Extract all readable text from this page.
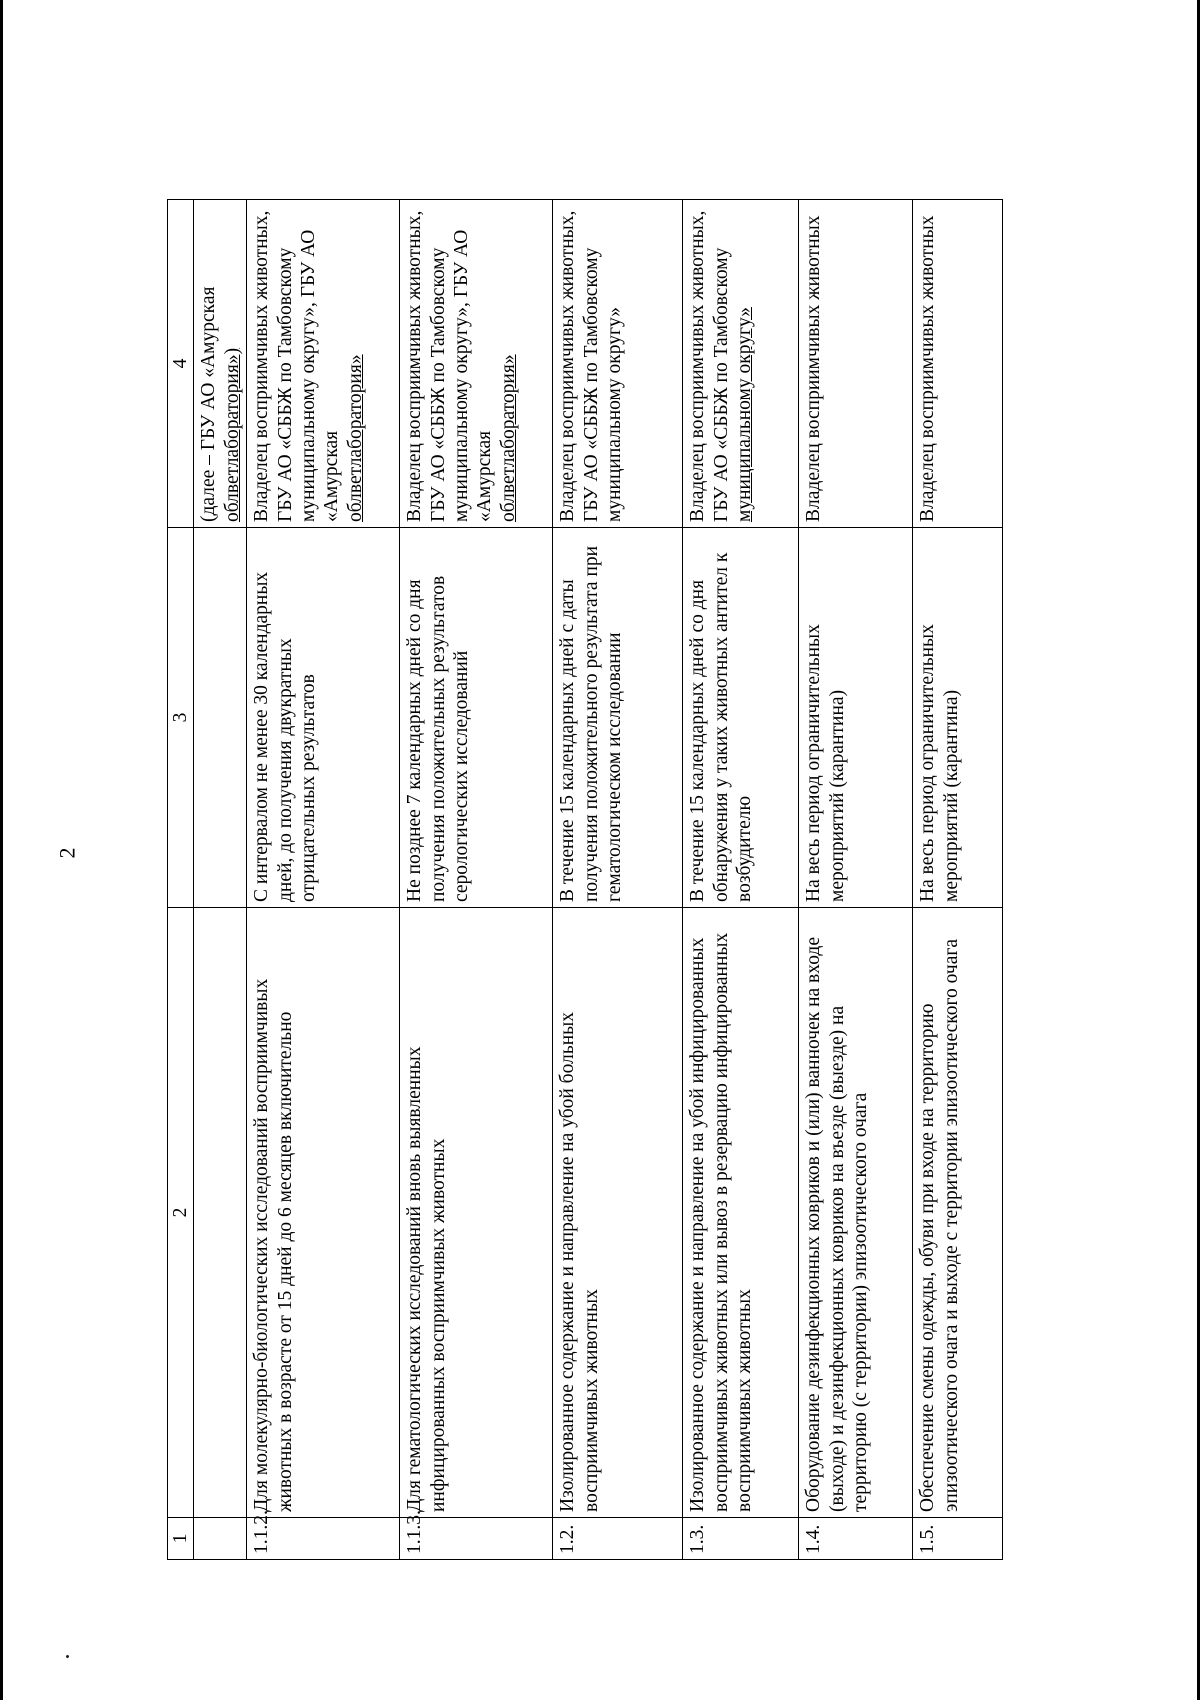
2
1	2	3	4

			(далее – ГБУ АО «Амурская облветлаборатория»)

1.1.2.	Для молекулярно-биологических исследований восприимчивых животных в возрасте от 15 дней до 6 месяцев включительно	С интервалом не менее 30 календарных дней, до получения двукратных отрицательных результатов	Владелец восприимчивых животных, ГБУ АО «СББЖ по Тамбовскому муниципальному округу», ГБУ АО «Амурская облветлаборатория»

1.1.3.	Для гематологических исследований вновь выявленных инфицированных восприимчивых животных	Не позднее 7 календарных дней со дня получения положительных результатов серологических исследований	Владелец восприимчивых животных, ГБУ АО «СББЖ по Тамбовскому муниципальному округу», ГБУ АО «Амурская облветлаборатория»

1.2.	Изолированное содержание и направление на убой больных восприимчивых животных	В течение 15 календарных дней с даты получения положительного результата при гематологическом исследовании	Владелец восприимчивых животных, ГБУ АО «СББЖ по Тамбовскому муниципальному округу»
1.3.	Изолированное содержание и направление на убой инфицированных восприимчивых животных или вывоз в резервацию инфицированных восприимчивых животных	В течение 15 календарных дней со дня обнаружения у таких животных антител к возбудителю	Владелец восприимчивых животных, ГБУ АО «СББЖ по Тамбовскому муниципальному округу»

1.4.	Оборудование дезинфекционных ковриков и (или) ванночек на входе (выходе) и дезинфекционных ковриков на въезде (выезде) на территорию (с территории) эпизоотического очага	На весь период ограничительных мероприятий (карантина)	Владелец восприимчивых животных
1.5.	Обеспечение смены одежды, обуви при входе на территорию эпизоотического очага и выходе с территории эпизоотического очага	На весь период ограничительных мероприятий (карантина)	Владелец восприимчивых животных
